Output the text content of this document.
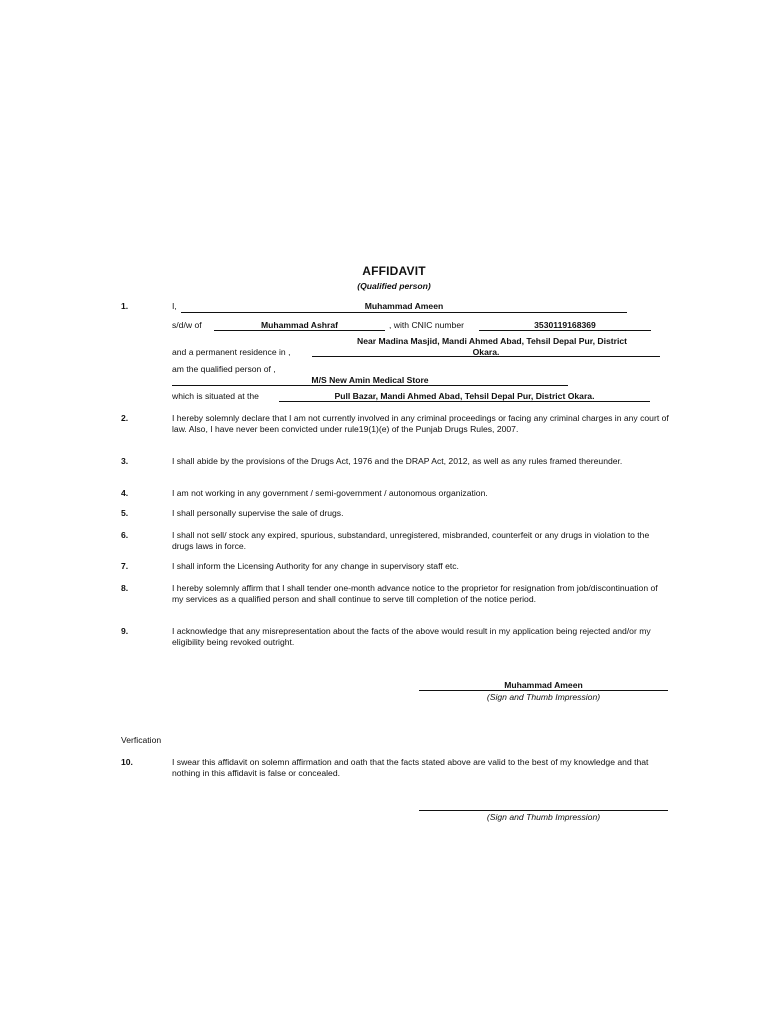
AFFIDAVIT
(Qualified person)
1.	I,	Muhammad Ameen
s/d/w of	Muhammad Ashraf	, with CNIC number	3530119168369
Near Madina Masjid, Mandi Ahmed Abad, Tehsil Depal Pur, District
and a permanent residence in ,	Okara.
am the qualified person of ,
M/S New Amin Medical Store
which is situated at the	Pull Bazar, Mandi Ahmed Abad, Tehsil Depal Pur, District Okara.
2.	I hereby solemnly declare that I am not currently involved in any criminal proceedings or facing any criminal charges in any court of law. Also, I have never been convicted under rule19(1)(e) of the Punjab Drugs Rules, 2007.
3.	I shall abide by the provisions of the Drugs Act, 1976 and the DRAP Act, 2012, as well as any rules framed thereunder.
4.	I am not working in any government / semi-government / autonomous organization.
5.	I shall personally supervise the sale of drugs.
6.	I shall not sell/ stock any expired, spurious, substandard, unregistered, misbranded, counterfeit or any drugs in violation to the drugs laws in force.
7.	I shall inform the Licensing Authority for any change in supervisory staff etc.
8.	I hereby solemnly affirm that I shall tender one-month advance notice to the proprietor for resignation from job/discontinuation of my services as a qualified person and shall continue to serve till completion of the notice period.
9.	I acknowledge that any misrepresentation about the facts of the above would result in my application being rejected and/or my eligibility being revoked outright.
Muhammad Ameen
(Sign and Thumb Impression)
Verfication
10.	I swear this affidavit on solemn affirmation and oath that the facts stated above are valid to the best of my knowledge and that nothing in this affidavit is false or concealed.
(Sign and Thumb Impression)
